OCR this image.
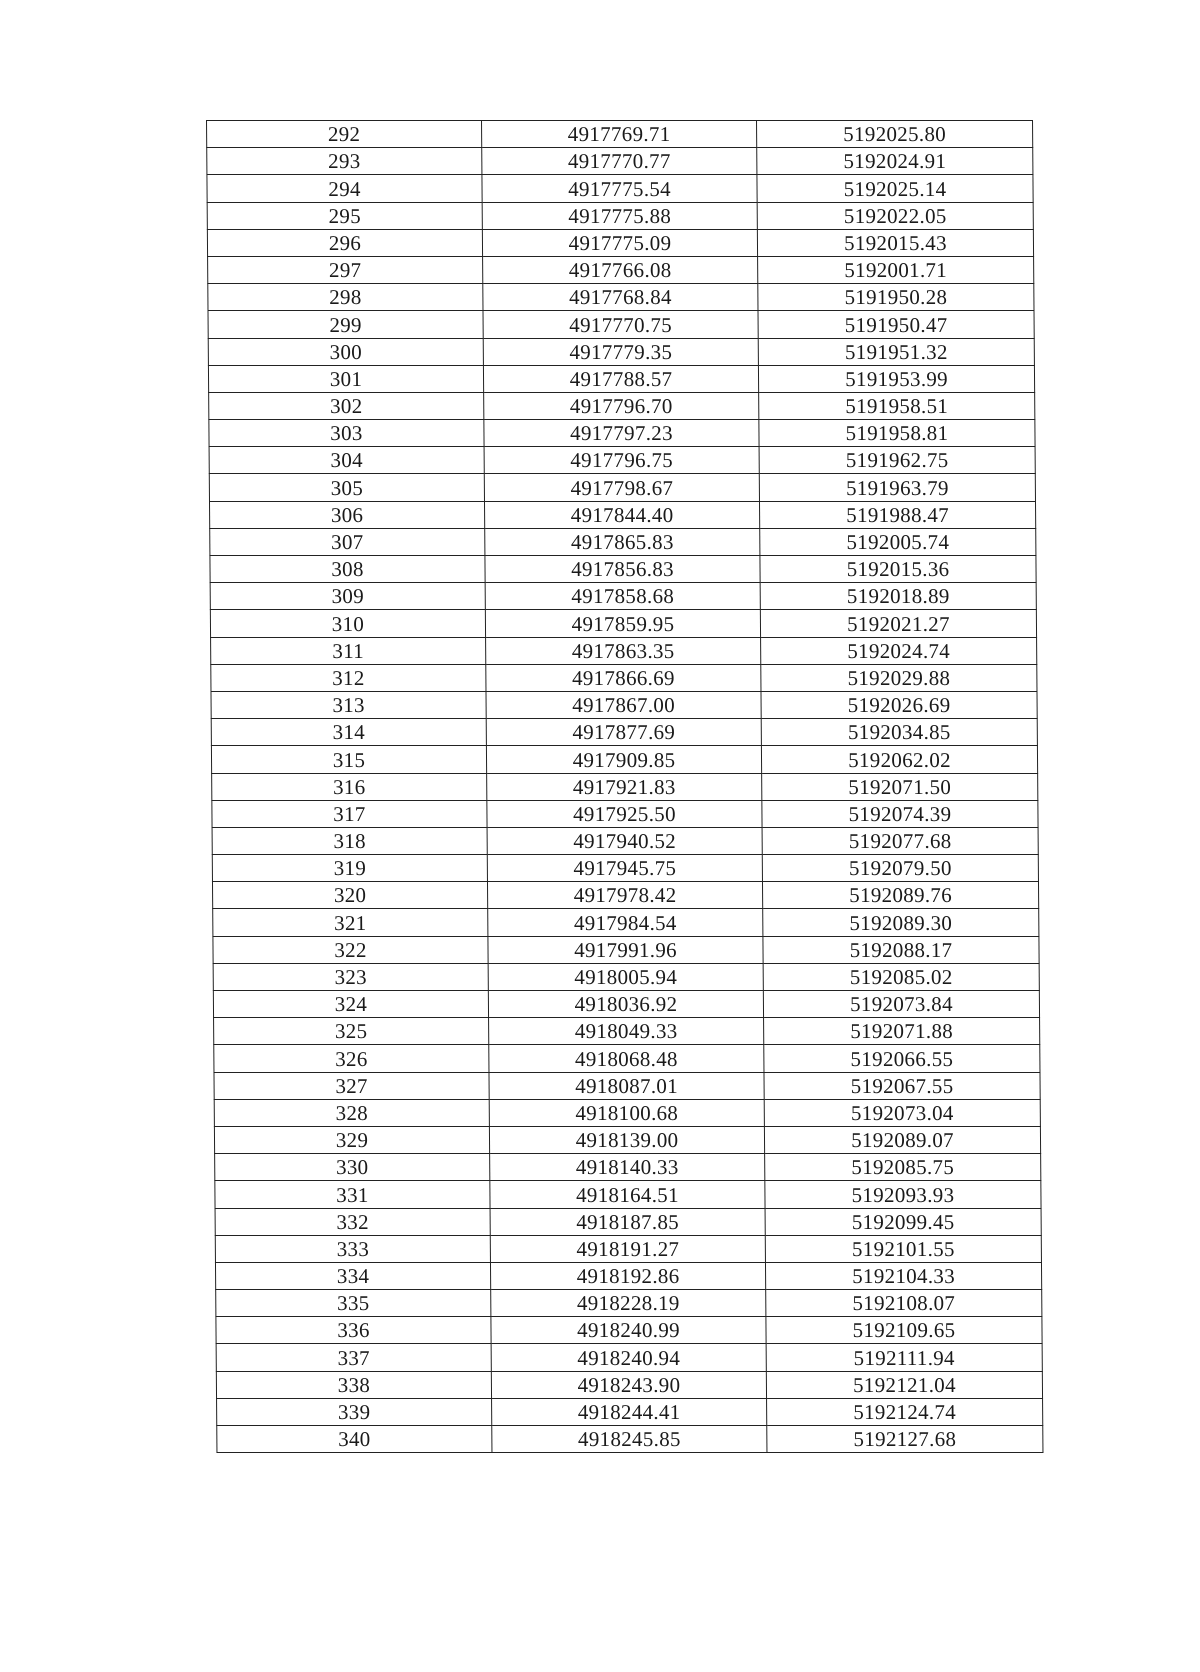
292	4917769.71	5192025.80
293	4917770.77	5192024.91
294	4917775.54	5192025.14
295	4917775.88	5192022.05
296	4917775.09	5192015.43
297	4917766.08	5192001.71
298	4917768.84	5191950.28
299	4917770.75	5191950.47
300	4917779.35	5191951.32
301	4917788.57	5191953.99
302	4917796.70	5191958.51
303	4917797.23	5191958.81
304	4917796.75	5191962.75
305	4917798.67	5191963.79
306	4917844.40	5191988.47
307	4917865.83	5192005.74
308	4917856.83	5192015.36
309	4917858.68	5192018.89
310	4917859.95	5192021.27
311	4917863.35	5192024.74
312	4917866.69	5192029.88
313	4917867.00	5192026.69
314	4917877.69	5192034.85
315	4917909.85	5192062.02
316	4917921.83	5192071.50
317	4917925.50	5192074.39
318	4917940.52	5192077.68
319	4917945.75	5192079.50
320	4917978.42	5192089.76
321	4917984.54	5192089.30
322	4917991.96	5192088.17
323	4918005.94	5192085.02
324	4918036.92	5192073.84
325	4918049.33	5192071.88
326	4918068.48	5192066.55
327	4918087.01	5192067.55
328	4918100.68	5192073.04
329	4918139.00	5192089.07
330	4918140.33	5192085.75
331	4918164.51	5192093.93
332	4918187.85	5192099.45
333	4918191.27	5192101.55
334	4918192.86	5192104.33
335	4918228.19	5192108.07
336	4918240.99	5192109.65
337	4918240.94	5192111.94
338	4918243.90	5192121.04
339	4918244.41	5192124.74
340	4918245.85	5192127.68
